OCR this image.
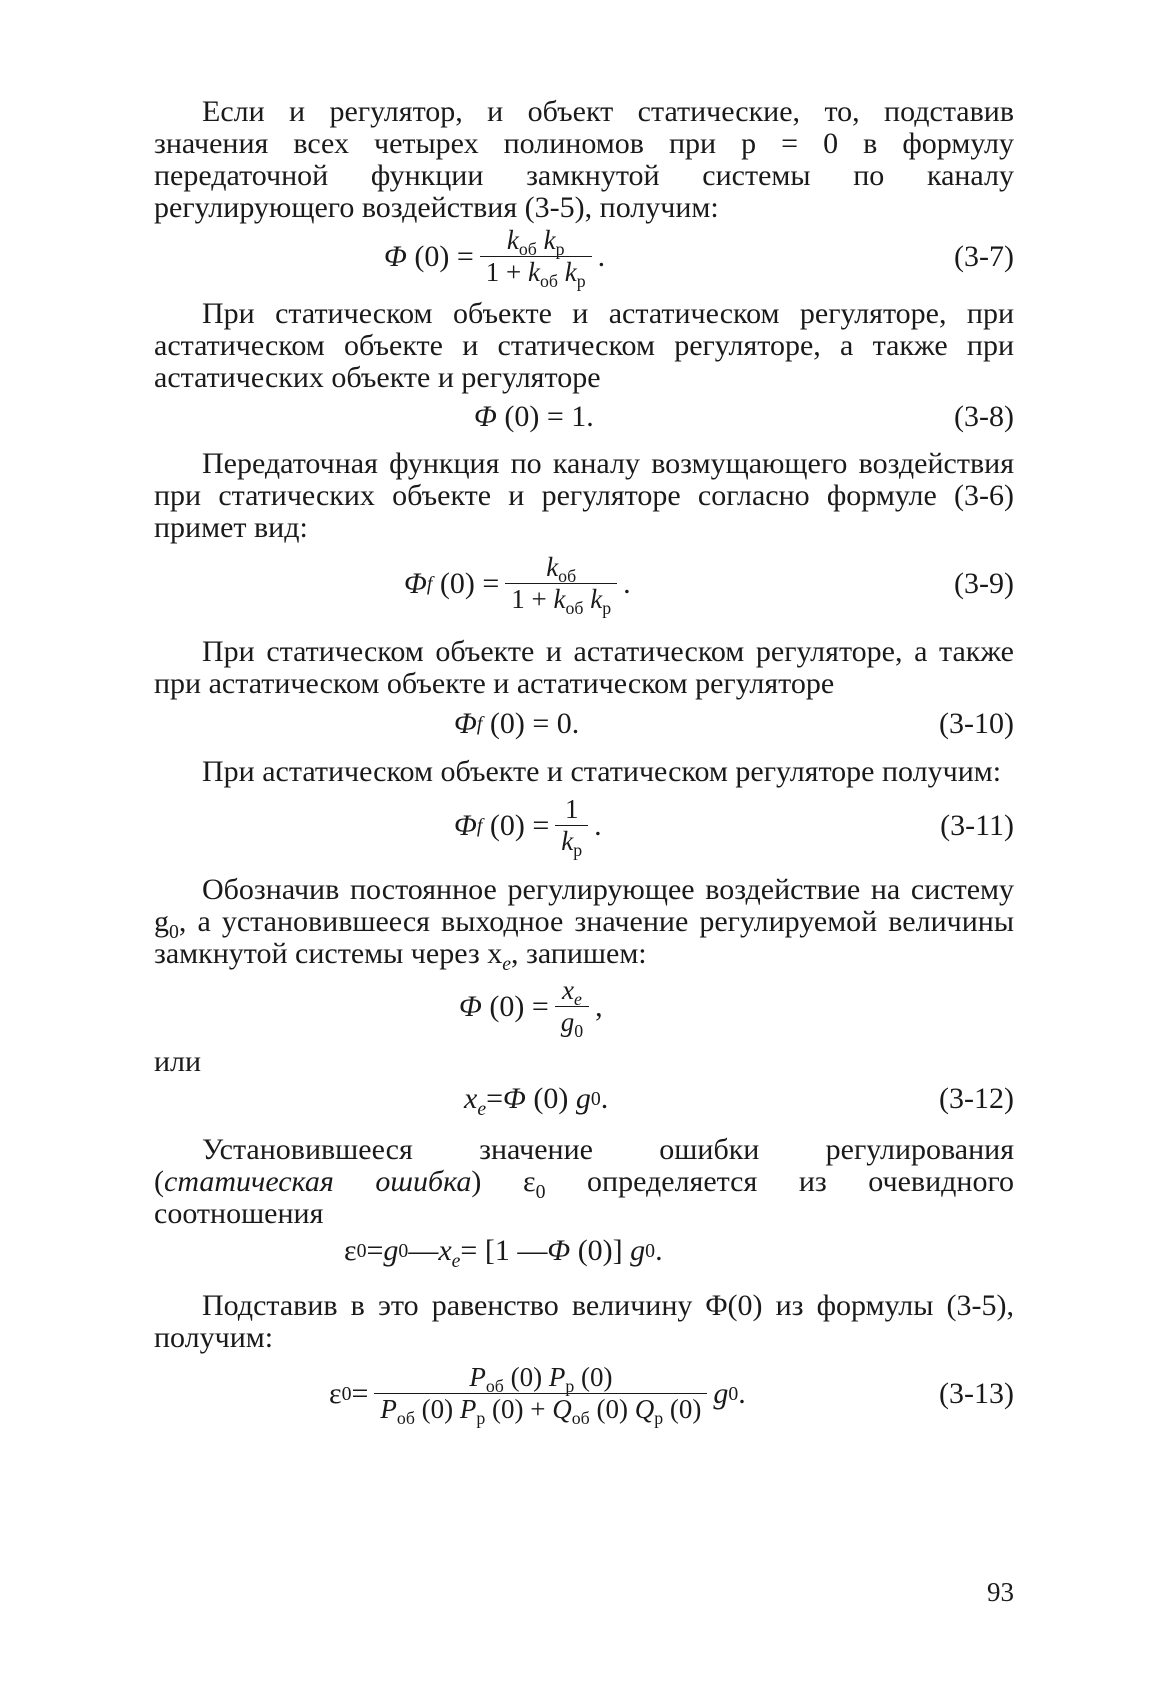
Если и регулятор, и объект статические, то, подставив значения всех четырех полиномов при p = 0 в формулу передаточной функции замкнутой системы по каналу регулирующего воздействия (3-5), получим:

Φ $(0) = \frac{k_{об} k_р}{1 + k_{об} k_р}$ .	(3-7)

При статическом объекте и астатическом регуляторе, при астатическом объекте и статическом регуляторе, а также при астатических объекте и регуляторе

Φ (0) = 1.	(3-8)

Передаточная функция по каналу возмущающего воздействия при статических объекте и регуляторе согласно формуле (3-6) примет вид:

Φ f $(0) = \frac{k_{об}}{1 + k_{об} k_р}$ .	(3-9)

При статическом объекте и астатическом регуляторе, а также при астатическом объекте и астатическом регуляторе

Φ f (0) = 0.	(3-10)

При астатическом объекте и статическом регуляторе получим:

Φ f $(0) = \frac{1}{k_р}$ .	(3-11)

Обозначив постоянное регулирующее воздействие на систему $g_0$, а установившееся выходное значение регулируемой величины замкнутой системы через $x_e$, запишем:

Φ $(0) = \frac{x_e}{g_0}$ ,

или

$x_e = \Phi$ (0) g 0 .	(3-12)

Установившееся значение ошибки регулирования (статическая ошибка) $\varepsilon_0$ определяется из очевидного соотношения

ε 0 = g 0 — $x_e = [1$ — Φ (0)] g 0 .

Подставив в это равенство величину Φ(0) из формулы (3-5), получим:

ε $0 = \frac{P_{об} (0) P_р (0)}{P_{об} (0) P_р (0) + Q_{об} (0) Q_р (0)}$ g 0 .	(3-13)
93
